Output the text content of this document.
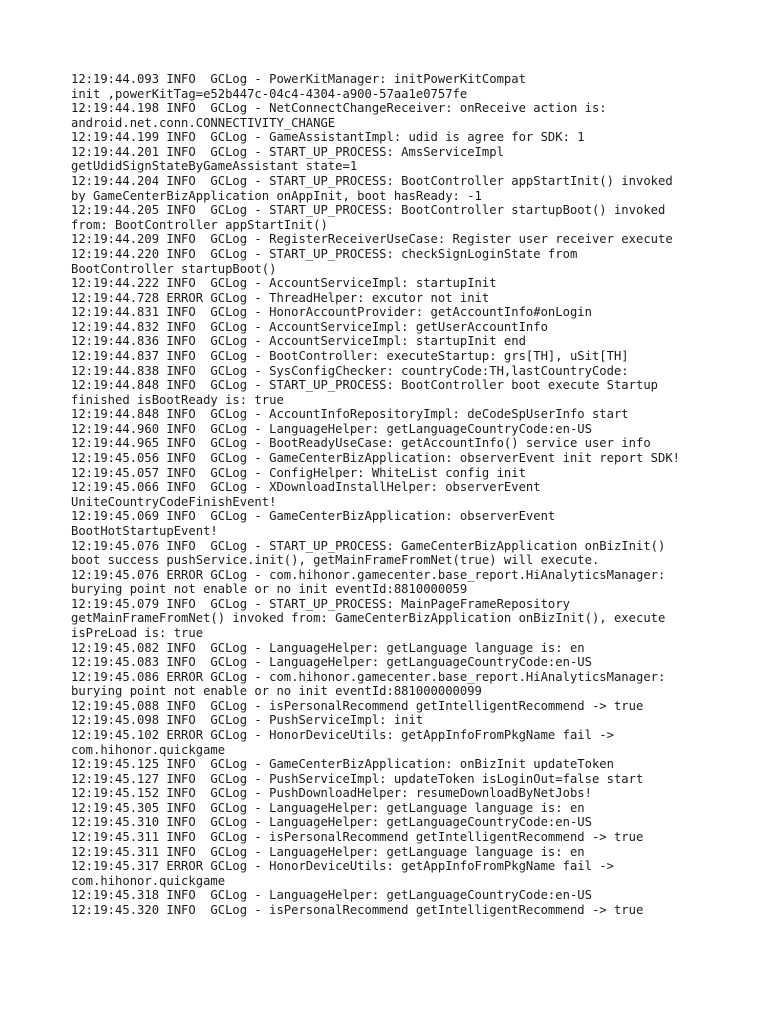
12:19:44.093 INFO  GCLog - PowerKitManager: initPowerKitCompat
init ,powerKitTag=e52b447c-04c4-4304-a900-57aa1e0757fe
12:19:44.198 INFO  GCLog - NetConnectChangeReceiver: onReceive action is:
android.net.conn.CONNECTIVITY_CHANGE
12:19:44.199 INFO  GCLog - GameAssistantImpl: udid is agree for SDK: 1
12:19:44.201 INFO  GCLog - START_UP_PROCESS: AmsServiceImpl
getUdidSignStateByGameAssistant state=1
12:19:44.204 INFO  GCLog - START_UP_PROCESS: BootController appStartInit() invoked
by GameCenterBizApplication onAppInit, boot hasReady: -1
12:19:44.205 INFO  GCLog - START_UP_PROCESS: BootController startupBoot() invoked
from: BootController appStartInit()
12:19:44.209 INFO  GCLog - RegisterReceiverUseCase: Register user receiver execute
12:19:44.220 INFO  GCLog - START_UP_PROCESS: checkSignLoginState from
BootController startupBoot()
12:19:44.222 INFO  GCLog - AccountServiceImpl: startupInit
12:19:44.728 ERROR GCLog - ThreadHelper: excutor not init
12:19:44.831 INFO  GCLog - HonorAccountProvider: getAccountInfo#onLogin
12:19:44.832 INFO  GCLog - AccountServiceImpl: getUserAccountInfo
12:19:44.836 INFO  GCLog - AccountServiceImpl: startupInit end
12:19:44.837 INFO  GCLog - BootController: executeStartup: grs[TH], uSit[TH]
12:19:44.838 INFO  GCLog - SysConfigChecker: countryCode:TH,lastCountryCode:
12:19:44.848 INFO  GCLog - START_UP_PROCESS: BootController boot execute Startup
finished isBootReady is: true
12:19:44.848 INFO  GCLog - AccountInfoRepositoryImpl: deCodeSpUserInfo start
12:19:44.960 INFO  GCLog - LanguageHelper: getLanguageCountryCode:en-US
12:19:44.965 INFO  GCLog - BootReadyUseCase: getAccountInfo() service user info
12:19:45.056 INFO  GCLog - GameCenterBizApplication: observerEvent init report SDK!
12:19:45.057 INFO  GCLog - ConfigHelper: WhiteList config init
12:19:45.066 INFO  GCLog - XDownloadInstallHelper: observerEvent
UniteCountryCodeFinishEvent!
12:19:45.069 INFO  GCLog - GameCenterBizApplication: observerEvent
BootHotStartupEvent!
12:19:45.076 INFO  GCLog - START_UP_PROCESS: GameCenterBizApplication onBizInit()
boot success pushService.init(), getMainFrameFromNet(true) will execute.
12:19:45.076 ERROR GCLog - com.hihonor.gamecenter.base_report.HiAnalyticsManager:
burying point not enable or no init eventId:8810000059
12:19:45.079 INFO  GCLog - START_UP_PROCESS: MainPageFrameRepository
getMainFrameFromNet() invoked from: GameCenterBizApplication onBizInit(), execute
isPreLoad is: true
12:19:45.082 INFO  GCLog - LanguageHelper: getLanguage language is: en
12:19:45.083 INFO  GCLog - LanguageHelper: getLanguageCountryCode:en-US
12:19:45.086 ERROR GCLog - com.hihonor.gamecenter.base_report.HiAnalyticsManager:
burying point not enable or no init eventId:881000000099
12:19:45.088 INFO  GCLog - isPersonalRecommend getIntelligentRecommend -> true
12:19:45.098 INFO  GCLog - PushServiceImpl: init
12:19:45.102 ERROR GCLog - HonorDeviceUtils: getAppInfoFromPkgName fail ->
com.hihonor.quickgame
12:19:45.125 INFO  GCLog - GameCenterBizApplication: onBizInit updateToken
12:19:45.127 INFO  GCLog - PushServiceImpl: updateToken isLoginOut=false start
12:19:45.152 INFO  GCLog - PushDownloadHelper: resumeDownloadByNetJobs!
12:19:45.305 INFO  GCLog - LanguageHelper: getLanguage language is: en
12:19:45.310 INFO  GCLog - LanguageHelper: getLanguageCountryCode:en-US
12:19:45.311 INFO  GCLog - isPersonalRecommend getIntelligentRecommend -> true
12:19:45.311 INFO  GCLog - LanguageHelper: getLanguage language is: en
12:19:45.317 ERROR GCLog - HonorDeviceUtils: getAppInfoFromPkgName fail ->
com.hihonor.quickgame
12:19:45.318 INFO  GCLog - LanguageHelper: getLanguageCountryCode:en-US
12:19:45.320 INFO  GCLog - isPersonalRecommend getIntelligentRecommend -> true
